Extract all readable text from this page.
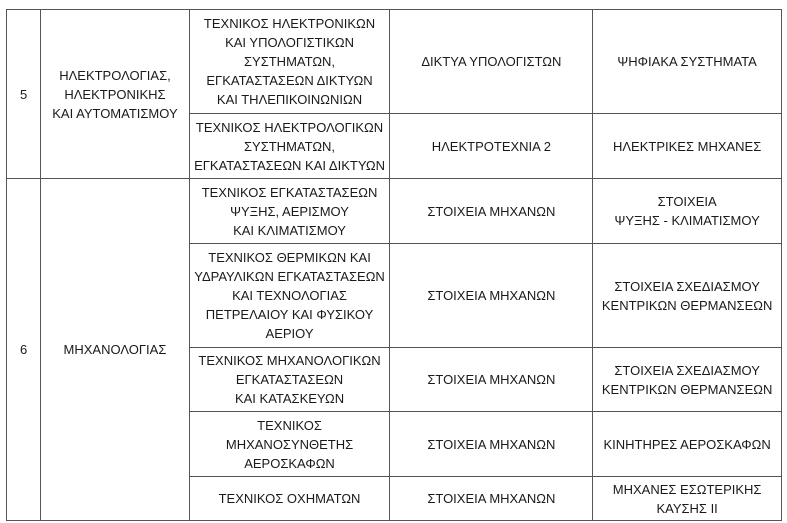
5	ΗΛΕΚΤΡΟΛΟΓΙΑΣ,
ΗΛΕΚΤΡΟΝΙΚΗΣ
ΚΑΙ ΑΥΤΟΜΑΤΙΣΜΟΥ	ΤΕΧΝΙΚΟΣ ΗΛΕΚΤΡΟΝΙΚΩΝ
ΚΑΙ ΥΠΟΛΟΓΙΣΤΙΚΩΝ
ΣΥΣΤΗΜΑΤΩΝ,
ΕΓΚΑΤΑΣΤΑΣΕΩΝ ΔΙΚΤΥΩΝ
ΚΑΙ ΤΗΛΕΠΙΚΟΙΝΩΝΙΩΝ	ΔΙΚΤΥΑ ΥΠΟΛΟΓΙΣΤΩΝ	ΨΗΦΙΑΚΑ ΣΥΣΤΗΜΑΤΑ
		ΤΕΧΝΙΚΟΣ ΗΛΕΚΤΡΟΛΟΓΙΚΩΝ
ΣΥΣΤΗΜΑΤΩΝ,
ΕΓΚΑΤΑΣΤΑΣΕΩΝ ΚΑΙ ΔΙΚΤΥΩΝ	ΗΛΕΚΤΡΟΤΕΧΝΙΑ 2	ΗΛΕΚΤΡΙΚΕΣ ΜΗΧΑΝΕΣ
6	ΜΗΧΑΝΟΛΟΓΙΑΣ	ΤΕΧΝΙΚΟΣ ΕΓΚΑΤΑΣΤΑΣΕΩΝ
ΨΥΞΗΣ, ΑΕΡΙΣΜΟΥ
ΚΑΙ ΚΛΙΜΑΤΙΣΜΟΥ	ΣΤΟΙΧΕΙΑ ΜΗΧΑΝΩΝ	ΣΤΟΙΧΕΙΑ
ΨΥΞΗΣ - ΚΛΙΜΑΤΙΣΜΟΥ
		ΤΕΧΝΙΚΟΣ ΘΕΡΜΙΚΩΝ ΚΑΙ
ΥΔΡΑΥΛΙΚΩΝ ΕΓΚΑΤΑΣΤΑΣΕΩΝ
ΚΑΙ ΤΕΧΝΟΛΟΓΙΑΣ
ΠΕΤΡΕΛΑΙΟΥ ΚΑΙ ΦΥΣΙΚΟΥ
ΑΕΡΙΟΥ	ΣΤΟΙΧΕΙΑ ΜΗΧΑΝΩΝ	ΣΤΟΙΧΕΙΑ ΣΧΕΔΙΑΣΜΟΥ
ΚΕΝΤΡΙΚΩΝ ΘΕΡΜΑΝΣΕΩΝ
		ΤΕΧΝΙΚΟΣ ΜΗΧΑΝΟΛΟΓΙΚΩΝ
ΕΓΚΑΤΑΣΤΑΣΕΩΝ
ΚΑΙ ΚΑΤΑΣΚΕΥΩΝ	ΣΤΟΙΧΕΙΑ ΜΗΧΑΝΩΝ	ΣΤΟΙΧΕΙΑ ΣΧΕΔΙΑΣΜΟΥ
ΚΕΝΤΡΙΚΩΝ ΘΕΡΜΑΝΣΕΩΝ
		ΤΕΧΝΙΚΟΣ
ΜΗΧΑΝΟΣΥΝΘΕΤΗΣ
ΑΕΡΟΣΚΑΦΩΝ	ΣΤΟΙΧΕΙΑ ΜΗΧΑΝΩΝ	ΚΙΝΗΤΗΡΕΣ ΑΕΡΟΣΚΑΦΩΝ
		ΤΕΧΝΙΚΟΣ ΟΧΗΜΑΤΩΝ	ΣΤΟΙΧΕΙΑ ΜΗΧΑΝΩΝ	ΜΗΧΑΝΕΣ ΕΣΩΤΕΡΙΚΗΣ
ΚΑΥΣΗΣ ΙΙ
